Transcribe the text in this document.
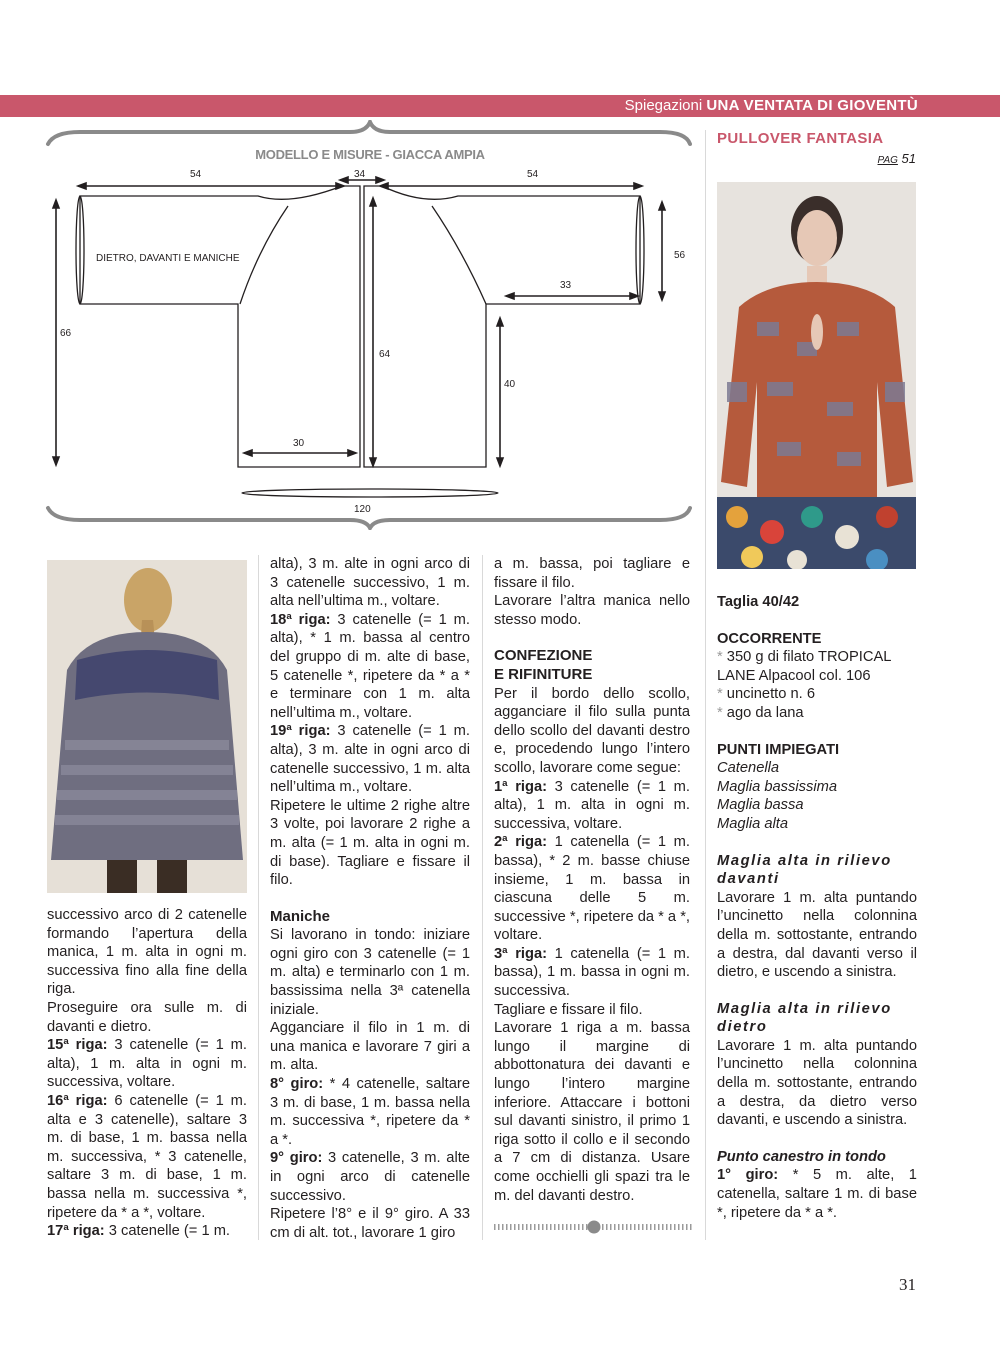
Spiegazioni UNA VENTATA DI GIOVENTÙ
MODELLO E MISURE - GIACCA AMPIA
DIETRO, DAVANTI E MANICHE
54	34	54
66
56
33
64
40
30
120

successivo arco di 2 catenelle formando l’apertura della manica, 1 m. alta in ogni m. successiva fino alla fine della riga.

Proseguire ora sulle m. di davanti e dietro.

15ª riga: 3 catenelle (= 1 m. alta), 1 m. alta in ogni m. successiva, voltare.

16ª riga: 6 catenelle (= 1 m. alta e 3 catenelle), saltare 3 m. di base, 1 m. bassa nella m. successiva, * 3 catenelle, saltare 3 m. di base, 1 m. bassa nella m. successiva *, ripetere da * a *, voltare.

17ª riga: 3 catenelle (= 1 m.

alta), 3 m. alte in ogni arco di 3 catenelle successivo, 1 m. alta nell’ultima m., voltare.

18ª riga: 3 catenelle (= 1 m. alta), * 1 m. bassa al centro del gruppo di m. alte di base, 5 catenelle *, ripetere da * a * e terminare con 1 m. alta nell’ultima m., voltare.

19ª riga: 3 catenelle (= 1 m. alta), 3 m. alte in ogni arco di catenelle successivo, 1 m. alta nell’ultima m., voltare.

Ripetere le ultime 2 righe altre 3 volte, poi lavorare 2 righe a m. alta (= 1 m. alta in ogni m. di base). Tagliare e fissare il filo.

Maniche

Si lavorano in tondo: iniziare ogni giro con 3 catenelle (= 1 m. alta) e terminarlo con 1 m. bassissima nella 3ª catenella iniziale.

Agganciare il filo in 1 m. di una manica e lavorare 7 giri a m. alta.

8° giro: * 4 catenelle, saltare 3 m. di base, 1 m. bassa nella m. successiva *, ripetere da * a *.

9° giro: 3 catenelle, 3 m. alte in ogni arco di catenelle successivo.

Ripetere l’8° e il 9° giro. A 33 cm di alt. tot., lavorare 1 giro

a m. bassa, poi tagliare e fissare il filo.

Lavorare l’altra manica nello stesso modo.

CONFEZIONE
E RIFINITURE

Per il bordo dello scollo, agganciare il filo sulla punta dello scollo del davanti destro e, procedendo lungo l’intero scollo, lavorare come segue:

1ª riga: 3 catenelle (= 1 m. alta), 1 m. alta in ogni m. successiva, voltare.

2ª riga: 1 catenella (= 1 m. bassa), * 2 m. basse chiuse insieme, 1 m. bassa in ciascuna delle 5 m. successive *, ripetere da * a *, voltare.

3ª riga: 1 catenella (= 1 m. bassa), 1 m. bassa in ogni m. successiva.

Tagliare e fissare il filo.

Lavorare 1 riga a m. bassa lungo il margine di abbottonatura dei davanti e lungo l’intero margine inferiore. Attaccare i bottoni sul davanti sinistro, il primo 1 riga sotto il collo e il secondo a 7 cm di distanza. Usare come occhielli gli spazi tra le m. del davanti destro.

PULLOVER FANTASIA
PAG 51

Taglia 40/42

OCCORRENTE

* 350 g di filato TROPICAL LANE Alpacool col. 106

* uncinetto n. 6

* ago da lana

PUNTI IMPIEGATI

Catenella

Maglia bassissima

Maglia bassa

Maglia alta

Maglia alta in rilievo davanti

Lavorare 1 m. alta puntando l’uncinetto nella colonnina della m. sottostante, entrando a destra, dal davanti verso il dietro, e uscendo a sinistra.

Maglia alta in rilievo dietro

Lavorare 1 m. alta puntando l’uncinetto nella colonnina della m. sottostante, entrando a destra, da dietro verso davanti, e uscendo a sinistra.

Punto canestro in tondo

1° giro: * 5 m. alte, 1 catenella, saltare 1 m. di base *, ripetere da * a *.

31
